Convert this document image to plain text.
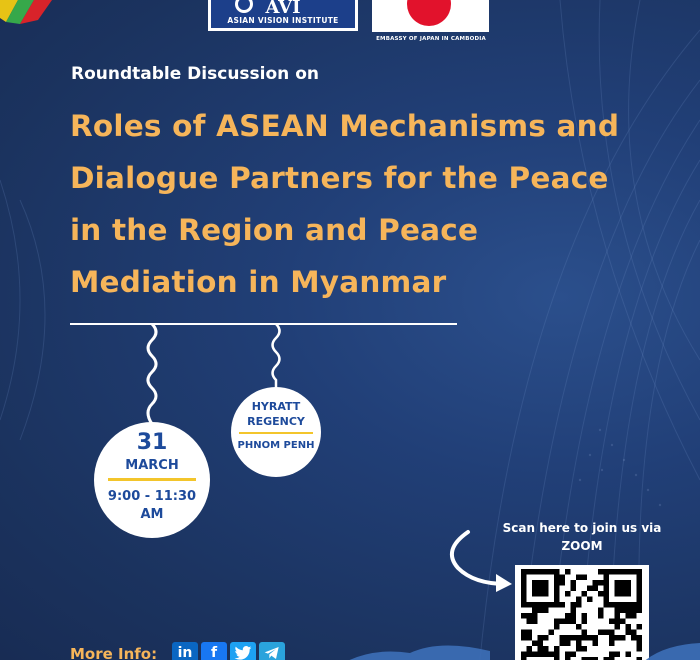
AVI
ASIAN VISION INSTITUTE
EMBASSY OF JAPAN IN CAMBODIA
Roundtable Discussion on
Roles of ASEAN Mechanisms and
Dialogue Partners for the Peace
in the Region and Peace
Mediation in Myanmar
31
MARCH
9:00 - 11:30 AM
HYRATT REGENCY
PHNOM PENH
Scan here to join us via ZOOM
More Info:	in	f
